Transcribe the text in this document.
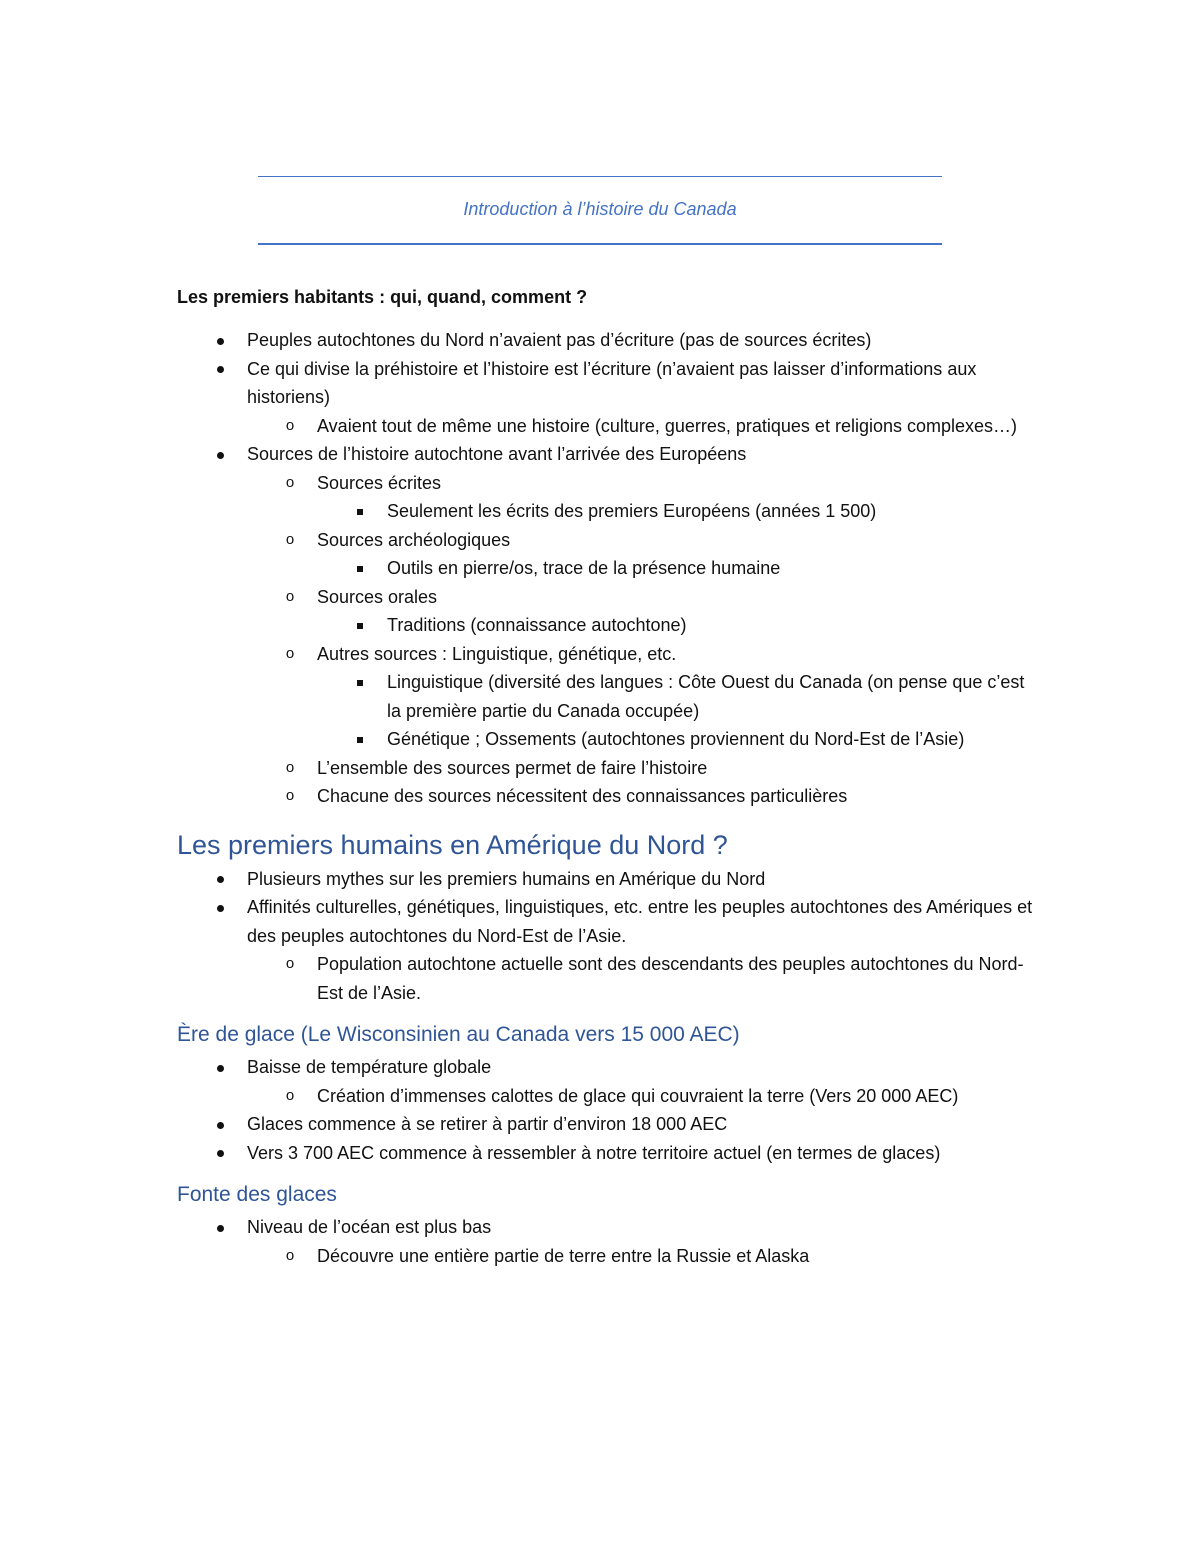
Introduction à l’histoire du Canada
Les premiers habitants : qui, quand, comment ?
Peuples autochtones du Nord n’avaient pas d’écriture (pas de sources écrites)
Ce qui divise la préhistoire et l’histoire est l’écriture (n’avaient pas laisser d’informations aux historiens)
o	Avaient tout de même une histoire (culture, guerres, pratiques et religions complexes…)
Sources de l’histoire autochtone avant l’arrivée des Européens
o	Sources écrites
Seulement les écrits des premiers Européens (années 1 500)
o	Sources archéologiques
Outils en pierre/os, trace de la présence humaine
o	Sources orales
Traditions (connaissance autochtone)
o	Autres sources : Linguistique, génétique, etc.
Linguistique (diversité des langues : Côte Ouest du Canada (on pense que c’est la première partie du Canada occupée)
Génétique ; Ossements (autochtones proviennent du Nord-Est de l’Asie)
o	L’ensemble des sources permet de faire l’histoire
o	Chacune des sources nécessitent des connaissances particulières
Les premiers humains en Amérique du Nord ?
Plusieurs mythes sur les premiers humains en Amérique du Nord
Affinités culturelles, génétiques, linguistiques, etc. entre les peuples autochtones des Amériques et des peuples autochtones du Nord-Est de l’Asie.
o	Population autochtone actuelle sont des descendants des peuples autochtones du Nord-Est de l’Asie.
Ère de glace (Le Wisconsinien au Canada vers 15 000 AEC)
Baisse de température globale
o	Création d’immenses calottes de glace qui couvraient la terre (Vers 20 000 AEC)
Glaces commence à se retirer à partir d’environ 18 000 AEC
Vers 3 700 AEC commence à ressembler à notre territoire actuel (en termes de glaces)
Fonte des glaces
Niveau de l’océan est plus bas
o	Découvre une entière partie de terre entre la Russie et Alaska
